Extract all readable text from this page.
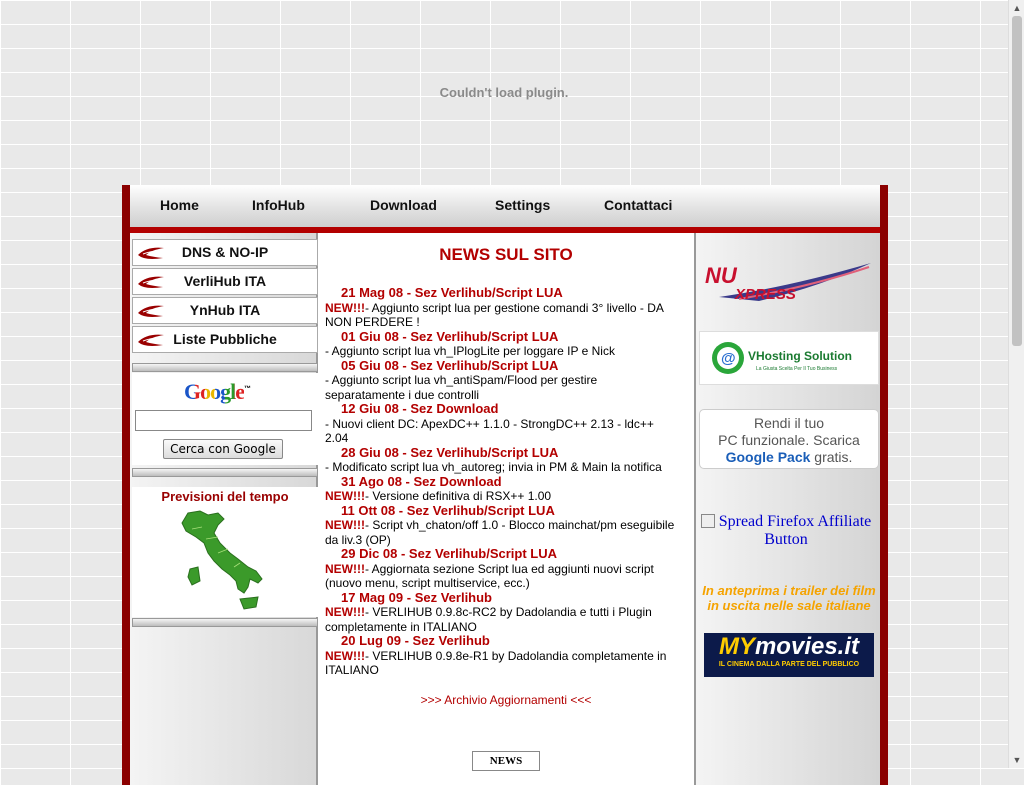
Couldn't load plugin.
▲
▼
Home	InfoHub	Download	Settings	Contattaci
DNS & NO-IP
VerliHub ITA
YnHub ITA
Liste Pubbliche
Google™
Cerca con Google
Previsioni del tempo
NEWS SUL SITO
21 Mag 08 - Sez Verlihub/Script LUA
NEW!!!- Aggiunto script lua per gestione comandi 3° livello - DA NON PERDERE !
01 Giu 08 - Sez Verlihub/Script LUA
- Aggiunto script lua vh_IPlogLite per loggare IP e Nick
05 Giu 08 - Sez Verlihub/Script LUA
- Aggiunto script lua vh_antiSpam/Flood per gestire separatamente i due controlli
12 Giu 08 - Sez Download
- Nuovi client DC: ApexDC++ 1.1.0 - StrongDC++ 2.13 - ldc++ 2.04
28 Giu 08 - Sez Verlihub/Script LUA
- Modificato script lua vh_autoreg; invia in PM & Main la notifica
31 Ago 08 - Sez Download
NEW!!!- Versione definitiva di RSX++ 1.00
11 Ott 08 - Sez Verlihub/Script LUA
NEW!!!- Script vh_chaton/off 1.0 - Blocco mainchat/pm eseguibile da liv.3 (OP)
29 Dic 08 - Sez Verlihub/Script LUA
NEW!!!- Aggiornata sezione Script lua ed aggiunti nuovi script (nuovo menu, script multiservice, ecc.)
17 Mag 09 - Sez Verlihub
NEW!!!- VERLIHUB 0.9.8c-RC2 by Dadolandia e tutti i Plugin completamente in ITALIANO
20 Lug 09 - Sez Verlihub
NEW!!!- VERLIHUB 0.9.8e-R1 by Dadolandia completamente in ITALIANO
>>> Archivio Aggiornamenti <<<
NEWS
NU
XPRESS
@ VHosting Solution
La Giusta Scelta Per Il Tuo Business
Rendi il tuo
PC funzionale. Scarica
Google Pack gratis.
Spread Firefox Affiliate Button
In anteprima i trailer dei film in uscita nelle sale italiane
MYmovies.it
IL CINEMA DALLA PARTE DEL PUBBLICO
